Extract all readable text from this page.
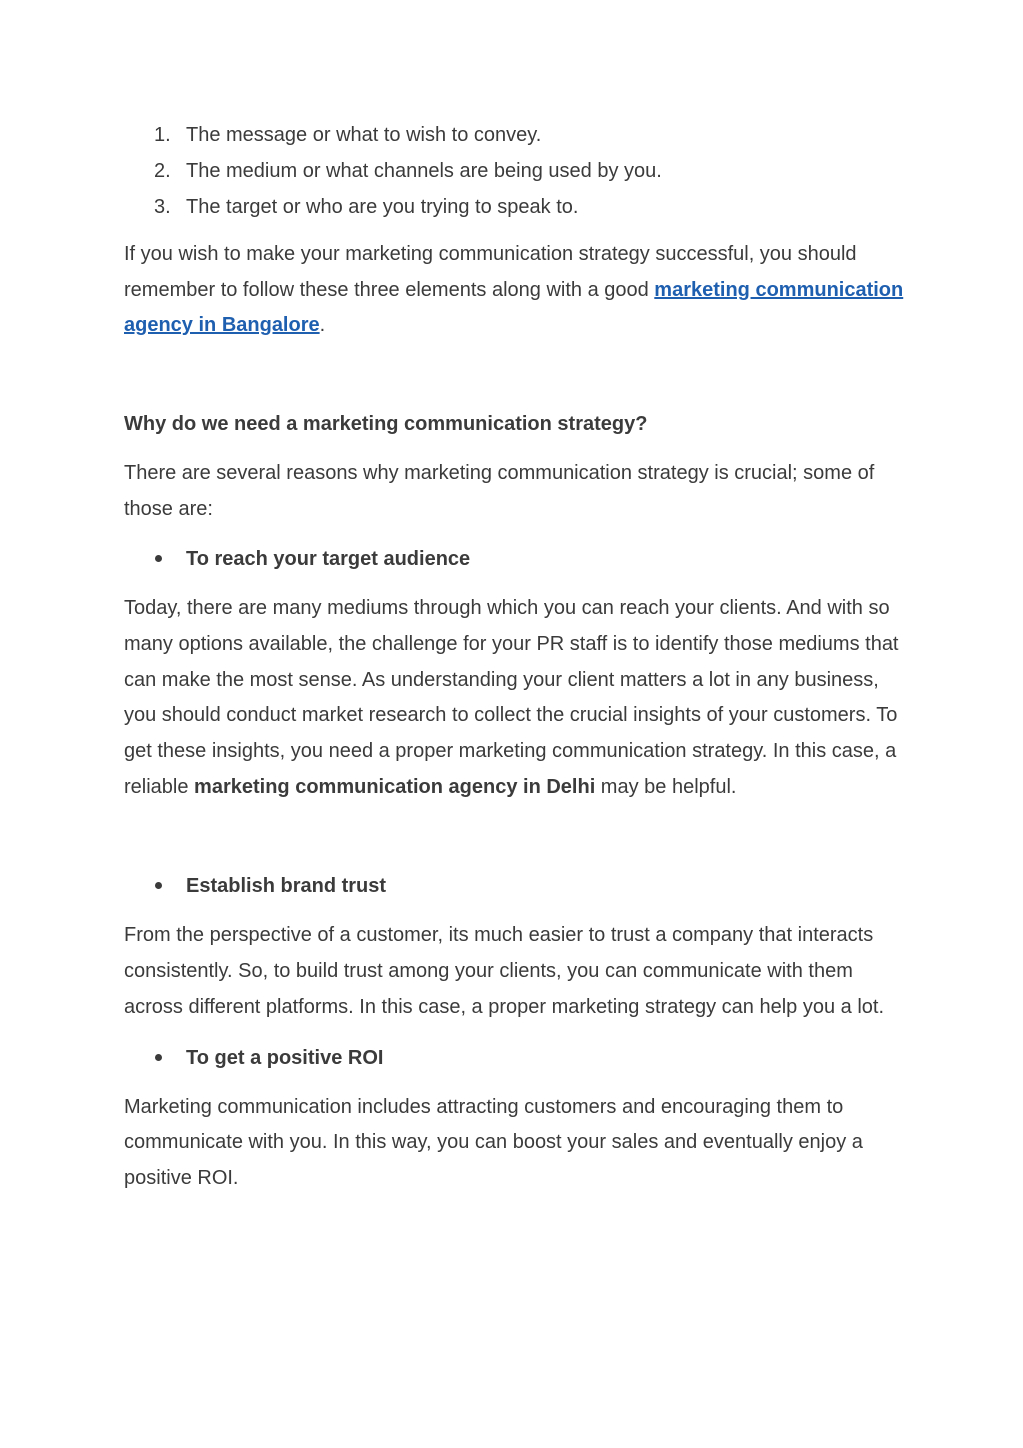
1. The message or what to wish to convey.
2. The medium or what channels are being used by you.
3. The target or who are you trying to speak to.

If you wish to make your marketing communication strategy successful, you should remember to follow these three elements along with a good marketing communication agency in Bangalore.

Why do we need a marketing communication strategy?

There are several reasons why marketing communication strategy is crucial; some of those are:

To reach your target audience

Today, there are many mediums through which you can reach your clients. And with so many options available, the challenge for your PR staff is to identify those mediums that can make the most sense. As understanding your client matters a lot in any business, you should conduct market research to collect the crucial insights of your customers. To get these insights, you need a proper marketing communication strategy. In this case, a reliable marketing communication agency in Delhi may be helpful.

Establish brand trust

From the perspective of a customer, its much easier to trust a company that interacts consistently. So, to build trust among your clients, you can communicate with them across different platforms. In this case, a proper marketing strategy can help you a lot.

To get a positive ROI

Marketing communication includes attracting customers and encouraging them to communicate with you. In this way, you can boost your sales and eventually enjoy a positive ROI.
